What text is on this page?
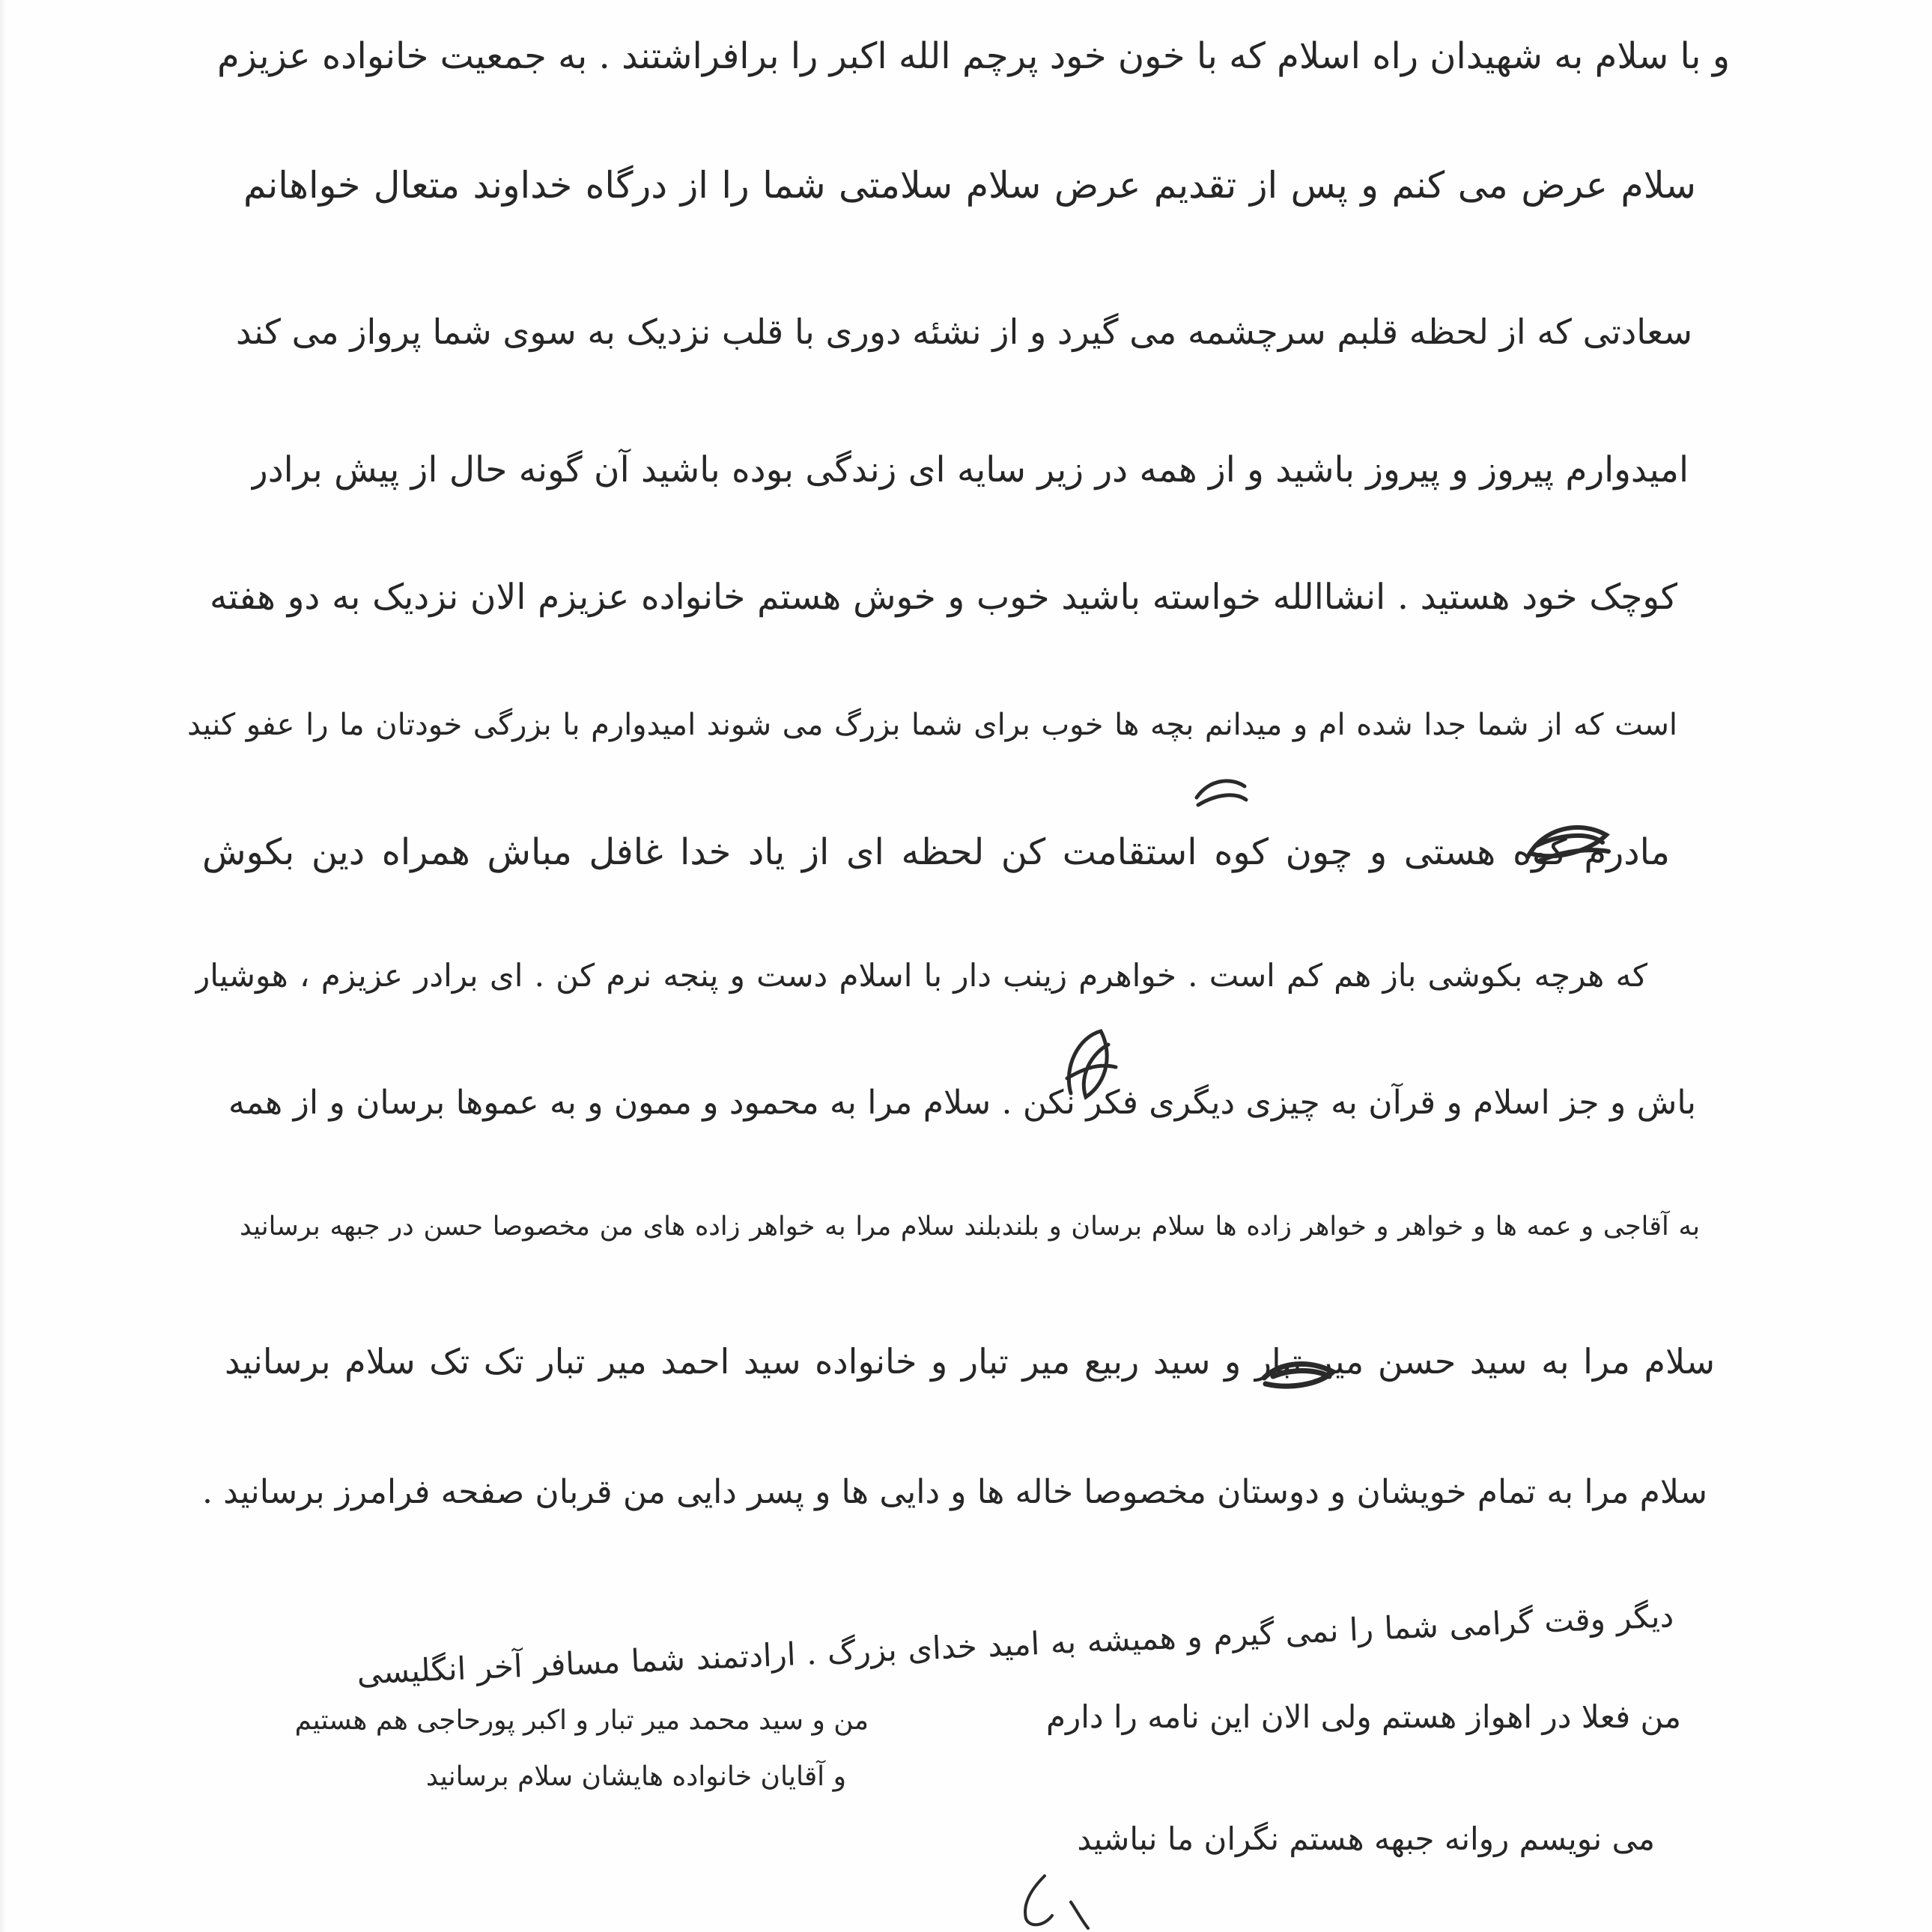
و با سلام به شهیدان راه اسلام که با خون خود پرچم الله اکبر را برافراشتند . به جمعیت خانواده عزیزم
سلام عرض می کنم و پس از تقدیم عرض سلام سلامتی شما را از درگاه خداوند متعال خواهانم
سعادتی که از لحظه قلبم سرچشمه می گیرد و از نشئه دوری با قلب نزدیک به سوی شما پرواز می کند
امیدوارم پیروز و پیروز باشید و از همه در زیر سایه ای زندگی بوده باشید آن گونه حال از پیش برادر
کوچک خود هستید . انشاالله خواسته باشید خوب و خوش هستم خانواده عزیزم الان نزدیک به دو هفته
است که از شما جدا شده ام و میدانم بچه ها خوب برای شما بزرگ می شوند امیدوارم با بزرگی خودتان ما را عفو کنید
مادرم کوه هستی و چون کوه استقامت کن لحظه ای از یاد خدا غافل مباش همراه دین بکوش
که هرچه بکوشی باز هم کم است . خواهرم زینب دار با اسلام دست و پنجه نرم کن . ای برادر عزیزم ، هوشیار
باش و جز اسلام و قرآن به چیزی دیگری فکر نکن . سلام مرا به محمود و ممون و به عموها برسان و از همه
به آقاجی و عمه ها و خواهر و خواهر زاده ها سلام برسان و بلندبلند سلام مرا به خواهر زاده های من مخصوصا حسن در جبهه برسانید
سلام مرا به سید حسن میر تبار و سید ربیع میر تبار و خانواده سید احمد میر تبار تک تک سلام برسانید
سلام مرا به تمام خویشان و دوستان مخصوصا خاله ها و دایی ها و پسر دایی من قربان صفحه فرامرز برسانید .
دیگر وقت گرامی شما را نمی گیرم و همیشه به امید خدای بزرگ . ارادتمند شما مسافر آخر انگلیسی
من فعلا در اهواز هستم ولی الان این نامه را دارم
می نویسم روانه جبهه هستم نگران ما نباشید
من و سید محمد میر تبار و اکبر پورحاجی هم هستیم
و آقایان خانواده هایشان سلام برسانید
